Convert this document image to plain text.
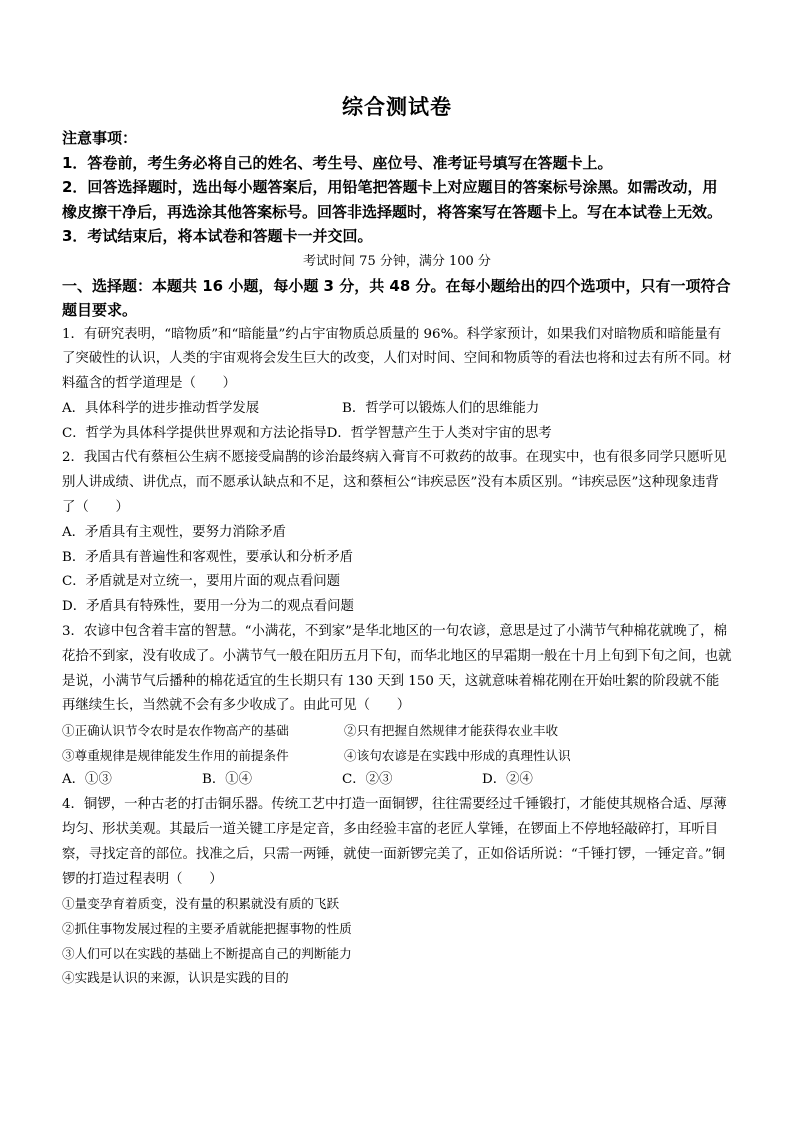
综合测试卷
注意事项：
1．答卷前，考生务必将自己的姓名、考生号、座位号、准考证号填写在答题卡上。
2．回答选择题时，选出每小题答案后，用铅笔把答题卡上对应题目的答案标号涂黑。如需改动，用橡皮擦干净后，再选涂其他答案标号。回答非选择题时，将答案写在答题卡上。写在本试卷上无效。
3．考试结束后，将本试卷和答题卡一并交回。
考试时间 75 分钟，满分 100 分
一、选择题：本题共 16 小题，每小题 3 分，共 48 分。在每小题给出的四个选项中，只有一项符合题目要求。
1．有研究表明，“暗物质”和“暗能量”约占宇宙物质总质量的 96%。科学家预计，如果我们对暗物质和暗能量有了突破性的认识，人类的宇宙观将会发生巨大的改变，人们对时间、空间和物质等的看法也将和过去有所不同。材料蕴含的哲学道理是（　　）
A．具体科学的进步推动哲学发展	B．哲学可以锻炼人们的思维能力
C．哲学为具体科学提供世界观和方法论指导 D．哲学智慧产生于人类对宇宙的思考
2．我国古代有蔡桓公生病不愿接受扁鹊的诊治最终病入膏肓不可救药的故事。在现实中，也有很多同学只愿听见别人讲成绩、讲优点，而不愿承认缺点和不足，这和蔡桓公“讳疾忌医”没有本质区别。“讳疾忌医”这种现象违背了（　　）
A．矛盾具有主观性，要努力消除矛盾
B．矛盾具有普遍性和客观性，要承认和分析矛盾
C．矛盾就是对立统一，要用片面的观点看问题
D．矛盾具有特殊性，要用一分为二的观点看问题
3．农谚中包含着丰富的智慧。“小满花，不到家”是华北地区的一句农谚，意思是过了小满节气种棉花就晚了，棉花拾不到家，没有收成了。小满节气一般在阳历五月下旬，而华北地区的早霜期一般在十月上旬到下旬之间，也就是说，小满节气后播种的棉花适宜的生长期只有 130 天到 150 天，这就意味着棉花刚在开始吐絮的阶段就不能再继续生长，当然就不会有多少收成了。由此可见（　　）
①正确认识节令农时是农作物高产的基础	②只有把握自然规律才能获得农业丰收
③尊重规律是规律能发生作用的前提条件	④该句农谚是在实践中形成的真理性认识
A．①③	B．①④	C．②③	D．②④
4．铜锣，一种古老的打击铜乐器。传统工艺中打造一面铜锣，往往需要经过千锤锻打，才能使其规格合适、厚薄均匀、形状美观。其最后一道关键工序是定音，多由经验丰富的老匠人掌锤，在锣面上不停地轻敲碎打，耳听目察，寻找定音的部位。找准之后，只需一两锤，就使一面新锣完美了，正如俗话所说：“千锤打锣，一锤定音。”铜锣的打造过程表明（　　）
①量变孕育着质变，没有量的积累就没有质的飞跃
②抓住事物发展过程的主要矛盾就能把握事物的性质
③人们可以在实践的基础上不断提高自己的判断能力
④实践是认识的来源，认识是实践的目的
